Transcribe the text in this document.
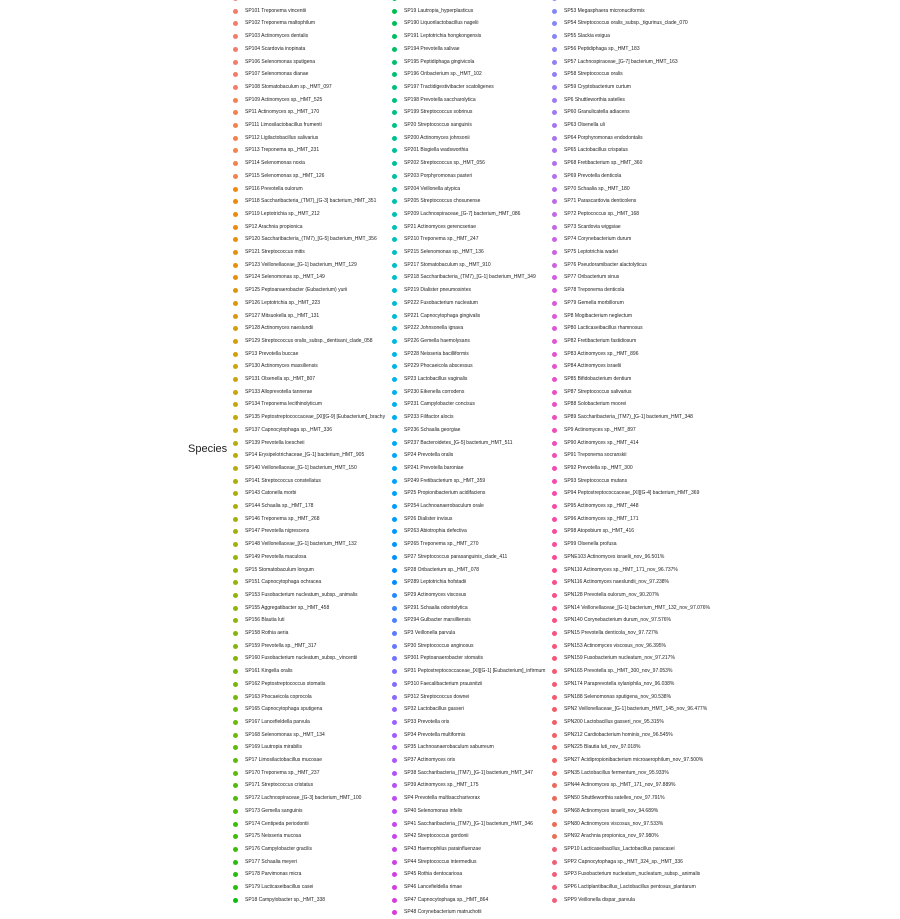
Species
SP101 Treponema vincentii
SP102 Treponema maltophilum
SP103 Actinomyces dentalis
SP104 Scardovia inopinata
SP106 Selenomonas sputigena
SP107 Selenomonas dianae
SP108 Stomatobaculum sp._HMT_097
SP109 Actinomyces sp._HMT_525
SP11 Actinomyces sp._HMT_170
SP111 Limosilactobacillus frumenti
SP112 Ligilactobacillus salivarius
SP113 Treponema sp._HMT_231
SP114 Selenomonas noxia
SP115 Selenomonas sp._HMT_126
SP116 Prevotella oulorum
SP118 Saccharibacteria_(TM7)_[G-3] bacterium_HMT_351
SP119 Leptotrichia sp._HMT_212
SP12 Arachnia propionica
SP120 Saccharibacteria_(TM7)_[G-5] bacterium_HMT_356
SP121 Streptococcus mitis
SP123 Veillonellaceae_[G-1] bacterium_HMT_129
SP124 Selenomonas sp._HMT_149
SP125 Peptoanaerobacter (Eubacterium) yurii
SP126 Leptotrichia sp._HMT_223
SP127 Mitsuokella sp._HMT_131
SP128 Actinomyces naeslundii
SP129 Streptococcus oralis_subsp._dentisani_clade_058
SP13 Prevotella buccae
SP130 Actinomyces massiliensis
SP131 Olsenella sp._HMT_807
SP133 Alloprevotella tannerae
SP134 Treponema lecithinolyticum
SP135 Peptostreptococcaceae_[XI][G-9] [Eubacterium]_brachy
SP137 Capnocytophaga sp._HMT_336
SP139 Prevotella loescheii
SP14 Erysipelotrichaceae_[G-1] bacterium_HMT_905
SP140 Veillonellaceae_[G-1] bacterium_HMT_150
SP141 Streptococcus constellatus
SP143 Catonella morbi
SP144 Schaalia sp._HMT_178
SP146 Treponema sp._HMT_268
SP147 Prevotella nigrescens
SP148 Veillonellaceae_[G-1] bacterium_HMT_132
SP149 Prevotella maculosa
SP15 Stomatobaculum longum
SP151 Capnocytophaga ochracea
SP153 Fusobacterium nucleatum_subsp._animalis
SP155 Aggregatibacter sp._HMT_458
SP156 Blautia luti
SP158 Rothia aeria
SP159 Prevotella sp._HMT_317
SP160 Fusobacterium nucleatum_subsp._vincentii
SP161 Kingella oralis
SP162 Peptostreptococcus stomatis
SP163 Phocaeicola coprocola
SP165 Capnocytophaga sputigena
SP167 Lancefieldella parvula
SP168 Selenomonas sp._HMT_134
SP169 Lautropia mirabilis
SP17 Limosilactobacillus mucosae
SP170 Treponema sp._HMT_237
SP171 Streptococcus cristatus
SP172 Lachnospiraceae_[G-3] bacterium_HMT_100
SP173 Gemella sanguinis
SP174 Centipeda periodontii
SP175 Neisseria mucosa
SP176 Campylobacter gracilis
SP177 Schaalia meyeri
SP178 Parvimonas micra
SP179 Lacticaseibacillus casei
SP18 Campylobacter sp._HMT_338
SP19 Lautropia_hyperplasticus
SP190 Liquorilactobacillus nagelii
SP191 Leptotrichia hongkongensis
SP194 Prevotella salivae
SP195 Peptidiphaga gingivicola
SP196 Oribacterium sp._HMT_102
SP197 Tractidigestivibacter scatoligenes
SP198 Prevotella saccharolytica
SP199 Streptococcus sobrinus
SP20 Streptococcus sanguinis
SP200 Actinomyces johnsonii
SP201 Bisgiella wadsworthia
SP202 Streptococcus sp._HMT_056
SP203 Porphyromonas pasteri
SP204 Veillonella atypica
SP205 Streptococcus chosunense
SP209 Lachnospiraceae_[G-7] bacterium_HMT_086
SP21 Actinomyces gerencseriae
SP210 Treponema sp._HMT_247
SP215 Selenomonas sp._HMT_136
SP217 Stomatobaculum sp._HMT_910
SP218 Saccharibacteria_(TM7)_[G-1] bacterium_HMT_349
SP219 Dialister pneumosintes
SP222 Fusobacterium nucleatum
SP221 Capnocytophaga gingivalis
SP222 Johnsonella ignava
SP226 Gemella haemolysans
SP228 Neisseria bacilliformis
SP229 Phocaeicola abscessus
SP23 Lactobacillus vaginalis
SP230 Eikenella corrodens
SP231 Campylobacter concisus
SP233 Filifactor alocis
SP236 Schaalia georgiae
SP237 Bacteroidetes_[G-5] bacterium_HMT_511
SP24 Prevotella oralis
SP241 Prevotella baroniae
SP249 Fretibacterium sp._HMT_359
SP25 Propionibacterium acidifaciens
SP254 Lachnoanaerobaculum orale
SP26 Dialister invisus
SP263 Abiotrophia defectiva
SP265 Treponema sp._HMT_270
SP27 Streptococcus parasanguinis_clade_411
SP28 Oribacterium sp._HMT_078
SP289 Leptotrichia hofstadii
SP29 Actinomyces viscosus
SP291 Schaalia odontolytica
SP294 Gulbacter marsilliensis
SP3 Veillonella parvula
SP30 Streptococcus anginosus
SP301 Peptoanaerobacter stomatis
SP31 Peptostreptococcaceae_[XI][G-1] [Eubacterium]_infirmum
SP310 Faecalibacterium prausnitzii
SP312 Streptococcus downei
SP32 Lactobacillus gasseri
SP33 Prevotella oris
SP34 Prevotella multiformis
SP35 Lachnoanaerobaculum saburreum
SP37 Actinomyces oris
SP38 Saccharibacteria_(TM7)_[G-1] bacterium_HMT_347
SP39 Actinomyces sp._HMT_175
SP4 Prevotella multisaccharivorax
SP40 Selenomonas infelix
SP41 Saccharibacteria_(TM7)_[G-1] bacterium_HMT_346
SP42 Streptococcus gordonii
SP43 Haemophilus parainfluenzae
SP44 Streptococcus intermedius
SP45 Rothia dentocariosa
SP46 Lancefieldella rimae
SP47 Capnocytophaga sp._HMT_864
SP48 Corynebacterium matruchotii
SP53 Megasphaera micronuciformis
SP54 Streptococcus oralis_subsp._tigurinus_clade_070
SP55 Slackia exigua
SP56 Peptidiphaga sp._HMT_183
SP57 Lachnospiraceae_[G-7] bacterium_HMT_163
SP58 Streptococcus oralis
SP59 Cryptobacterium curtum
SP6 Shuttleworthia satelles
SP60 Granulicatella adiacens
SP63 Olsenella uli
SP64 Porphyromonas endodontalis
SP65 Lactobacillus crispatus
SP68 Fretibacterium sp._HMT_360
SP69 Prevotella denticola
SP70 Schaalia sp._HMT_180
SP71 Parascardovia denticolens
SP72 Peptococcus sp._HMT_168
SP73 Scardovia wiggsiae
SP74 Corynebacterium durum
SP75 Leptotrichia wadei
SP76 Pseudoramibacter alactolyticus
SP77 Oribacterium sinus
SP78 Treponema denticola
SP79 Gemella morbillorum
SP8 Mogibacterium neglectum
SP80 Lacticaseibacillus rhamnosus
SP82 Fretibacterium fastidiosum
SP83 Actinomyces sp._HMT_896
SP84 Actinomyces israelii
SP85 Bifidobacterium dentium
SP87 Streptococcus salivarius
SP88 Solobacterium moorei
SP89 Saccharibacteria_(TM7)_[G-1] bacterium_HMT_348
SP9 Actinomyces sp._HMT_897
SP90 Actinomyces sp._HMT_414
SP91 Treponema socranskii
SP92 Prevotella sp._HMT_300
SP93 Streptococcus mutans
SP94 Peptostreptococcaceae_[XI][G-4] bacterium_HMT_369
SP95 Actinomyces sp._HMT_448
SP96 Actinomyces sp._HMT_171
SP98 Atopobium sp._HMT_416
SP99 Olsenella profusa
SPNE103 Actinomyces israelii_nov_96.501%
SPN110 Actinomyces sp._HMT_171_nov_96.737%
SPN116 Actinomyces naeslundii_nov_97.238%
SPN128 Prevotella oulorum_nov_90.207%
SPN14 Veillonellaceae_[G-1] bacterium_HMT_132_nov_97.076%
SPN140 Corynebacterium durum_nov_97.576%
SPN15 Prevotella denticola_nov_97.727%
SPN153 Actinomyces viscosus_nov_96.395%
SPN159 Fusobacterium nucleatum_nov_97.217%
SPN165 Prevotella sp._HMT_300_nov_97.053%
SPN174 Paraprevotella xylaniphila_nov_96.038%
SPN188 Selenomonas sputigena_nov_90.538%
SPN2 Veillonellaceae_[G-1] bacterium_HMT_145_nov_96.477%
SPN200 Lactobacillus gasseri_nov_95.315%
SPN212 Cardiobacterium hominis_nov_96.545%
SPN225 Blautia luti_nov_97.018%
SPN27 Acidipropionibacterium microaerophilum_nov_97.500%
SPN35 Lactobacillus fermentum_nov_95.933%
SPN44 Actinomyces sp._HMT_171_nov_97.889%
SPN50 Shuttleworthia satelles_nov_97.791%
SPN68 Actinomyces israelii_nov_94.689%
SPN80 Actinomyces viscosus_nov_97.533%
SPN92 Arachnia propionica_nov_97.980%
SPP10 Lacticaseibacillus_Lactobacillus paracasei
SPP2 Capnocytophaga sp._HMT_324_sp._HMT_336
SPP3 Fusobacterium nucleatum_nucleatum_subsp._animalis
SPP6 Lactiplantibacillus_Lactobacillus pentosus_plantarum
SPP9 Veillonella dispar_parvula
